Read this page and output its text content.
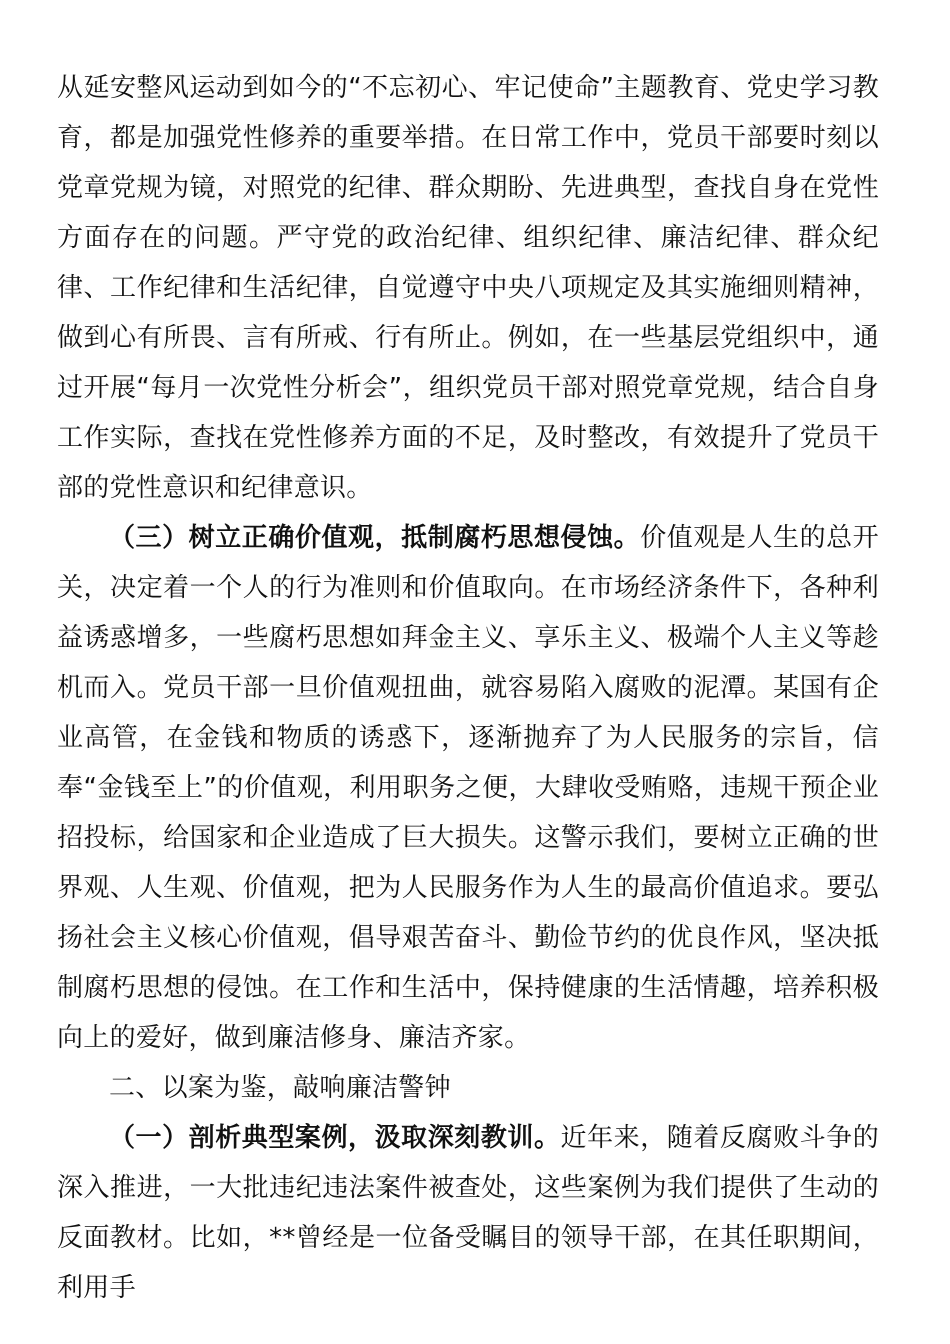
从延安整风运动到如今的“不忘初心、牢记使命”主题教育、党史学习教育，都是加强党性修养的重要举措。在日常工作中，党员干部要时刻以党章党规为镜，对照党的纪律、群众期盼、先进典型，查找自身在党性方面存在的问题。严守党的政治纪律、组织纪律、廉洁纪律、群众纪律、工作纪律和生活纪律，自觉遵守中央八项规定及其实施细则精神，做到心有所畏、言有所戒、行有所止。例如，在一些基层党组织中，通过开展“每月一次党性分析会”，组织党员干部对照党章党规，结合自身工作实际，查找在党性修养方面的不足，及时整改，有效提升了党员干部的党性意识和纪律意识。

（三）树立正确价值观，抵制腐朽思想侵蚀。价值观是人生的总开关，决定着一个人的行为准则和价值取向。在市场经济条件下，各种利益诱惑增多，一些腐朽思想如拜金主义、享乐主义、极端个人主义等趁机而入。党员干部一旦价值观扭曲，就容易陷入腐败的泥潭。某国有企业高管，在金钱和物质的诱惑下，逐渐抛弃了为人民服务的宗旨，信奉“金钱至上”的价值观，利用职务之便，大肆收受贿赂，违规干预企业招投标，给国家和企业造成了巨大损失。这警示我们，要树立正确的世界观、人生观、价值观，把为人民服务作为人生的最高价值追求。要弘扬社会主义核心价值观，倡导艰苦奋斗、勤俭节约的优良作风，坚决抵制腐朽思想的侵蚀。在工作和生活中，保持健康的生活情趣，培养积极向上的爱好，做到廉洁修身、廉洁齐家。

二、以案为鉴，敲响廉洁警钟

（一）剖析典型案例，汲取深刻教训。近年来，随着反腐败斗争的深入推进，一大批违纪违法案件被查处，这些案例为我们提供了生动的反面教材。比如，**曾经是一位备受瞩目的领导干部，在其任职期间，利用手
